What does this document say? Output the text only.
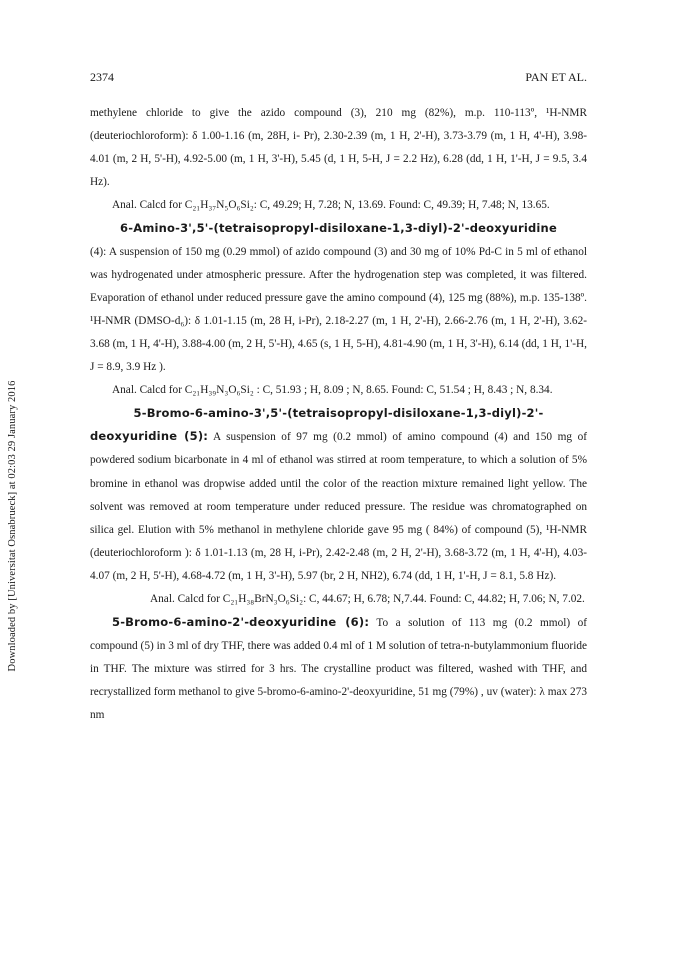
2374	PAN ET AL.
Downloaded by [Universitat Osnabrueck] at 02:03 29 January 2016

methylene chloride to give the azido compound (3), 210 mg (82%), m.p. 110-113º, ¹H-NMR (deuteriochloroform): δ 1.00-1.16 (m, 28H, i- Pr), 2.30-2.39 (m, 1 H, 2'-H), 3.73-3.79 (m, 1 H, 4'-H), 3.98-4.01 (m, 2 H, 5'-H), 4.92-5.00 (m, 1 H, 3'-H), 5.45 (d, 1 H, 5-H, J = 2.2 Hz), 6.28 (dd, 1 H, 1'-H, J = 9.5, 3.4 Hz).

Anal. Calcd for C₂₁H₃₇N₅O₆Si₂: C, 49.29; H, 7.28; N, 13.69. Found: C, 49.39; H, 7.48; N, 13.65.

6-Amino-3',5'-(tetraisopropyl-disiloxane-1,3-diyl)-2'-deoxyuridine

(4): A suspension of 150 mg (0.29 mmol) of azido compound (3) and 30 mg of 10% Pd-C in 5 ml of ethanol was hydrogenated under atmospheric pressure. After the hydrogenation step was completed, it was filtered. Evaporation of ethanol under reduced pressure gave the amino compound (4), 125 mg (88%), m.p. 135-138º. ¹H-NMR (DMSO-d₆): δ 1.01-1.15 (m, 28 H, i-Pr), 2.18-2.27 (m, 1 H, 2'-H), 2.66-2.76 (m, 1 H, 2'-H), 3.62-3.68 (m, 1 H, 4'-H), 3.88-4.00 (m, 2 H, 5'-H), 4.65 (s, 1 H, 5-H), 4.81-4.90 (m, 1 H, 3'-H), 6.14 (dd, 1 H, 1'-H, J = 8.9, 3.9 Hz ).

Anal. Calcd for C₂₁H₃₉N₃O₆Si₂ : C, 51.93 ; H, 8.09 ; N, 8.65. Found: C, 51.54 ; H, 8.43 ; N, 8.34.

5-Bromo-6-amino-3',5'-(tetraisopropyl-disiloxane-1,3-diyl)-2'-

deoxyuridine (5): A suspension of 97 mg (0.2 mmol) of amino compound (4) and 150 mg of powdered sodium bicarbonate in 4 ml of ethanol was stirred at room temperature, to which a solution of 5% bromine in ethanol was dropwise added until the color of the reaction mixture remained light yellow. The solvent was removed at room temperature under reduced pressure. The residue was chromatographed on silica gel. Elution with 5% methanol in methylene chloride gave 95 mg ( 84%) of compound (5), ¹H-NMR (deuteriochloroform ): δ 1.01-1.13 (m, 28 H, i-Pr), 2.42-2.48 (m, 2 H, 2'-H), 3.68-3.72 (m, 1 H, 4'-H), 4.03-4.07 (m, 2 H, 5'-H), 4.68-4.72 (m, 1 H, 3'-H), 5.97 (br, 2 H, NH2), 6.74 (dd, 1 H, 1'-H, J = 8.1, 5.8 Hz).

Anal. Calcd for C₂₁H₃₈BrN₃O₆Si₂: C, 44.67; H, 6.78; N,7.44. Found: C, 44.82; H, 7.06; N, 7.02.

5-Bromo-6-amino-2'-deoxyuridine (6): To a solution of 113 mg (0.2 mmol) of compound (5) in 3 ml of dry THF, there was added 0.4 ml of 1 M solution of tetra-n-butylammonium fluoride in THF. The mixture was stirred for 3 hrs. The crystalline product was filtered, washed with THF, and recrystallized form methanol to give 5-bromo-6-amino-2'-deoxyuridine, 51 mg (79%) , uv (water): λ max 273 nm
